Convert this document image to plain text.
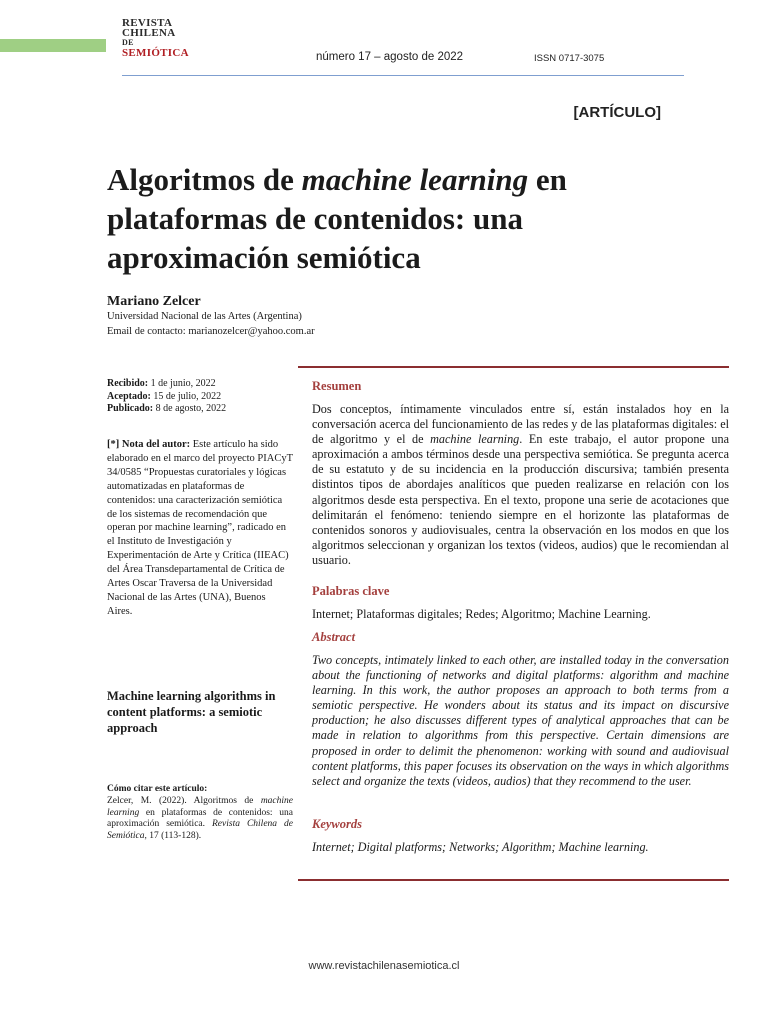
REVISTA
CHILENA
DE
SEMIÓTICA	número 17 – agosto de 2022	ISSN 0717-3075
[ARTÍCULO]
Algoritmos de machine learning en plataformas de contenidos: una aproximación semiótica
Mariano Zelcer
Universidad Nacional de las Artes (Argentina)
Email de contacto: marianozelcer@yahoo.com.ar
Recibido: 1 de junio, 2022
Aceptado: 15 de julio, 2022
Publicado: 8 de agosto, 2022
[*] Nota del autor: Este artículo ha sido elaborado en el marco del proyecto PIACyT 34/0585 “Propuestas curatoriales y lógicas automatizadas en plataformas de contenidos: una caracterización semiótica de los sistemas de recomendación que operan por machine learning”, radicado en el Instituto de Investigación y Experimentación de Arte y Crítica (IIEAC) del Área Transdepartamental de Crítica de Artes Oscar Traversa de la Universidad Nacional de las Artes (UNA), Buenos Aires.
Machine learning algorithms in content platforms: a semiotic approach
Cómo citar este artículo:
Zelcer, M. (2022). Algoritmos de machine learning en plataformas de contenidos: una aproximación semiótica. Revista Chilena de Semiótica, 17 (113-128).
Resumen
Dos conceptos, íntimamente vinculados entre sí, están instalados hoy en la conversación acerca del funcionamiento de las redes y de las plataformas digitales: el de algoritmo y el de machine learning. En este trabajo, el autor propone una aproximación a ambos términos desde una perspectiva semiótica. Se pregunta acerca de su estatuto y de su incidencia en la producción discursiva; también presenta distintos tipos de abordajes analíticos que pueden realizarse en relación con los algoritmos desde esta perspectiva. En el texto, propone una serie de acotaciones que delimitarán el fenómeno: teniendo siempre en el horizonte las plataformas de contenidos sonoros y audiovisuales, centra la observación en los modos en que los algoritmos seleccionan y organizan los textos (videos, audios) que le recomiendan al usuario.
Palabras clave
Internet; Plataformas digitales; Redes; Algoritmo; Machine Learning.
Abstract
Two concepts, intimately linked to each other, are installed today in the conversation about the functioning of networks and digital platforms: algorithm and machine learning. In this work, the author proposes an approach to both terms from a semiotic perspective. He wonders about its status and its impact on discursive production; he also discusses different types of analytical approaches that can be made in relation to algorithms from this perspective. Certain dimensions are proposed in order to delimit the phenomenon: working with sound and audiovisual content platforms, this paper focuses its observation on the ways in which algorithms select and organize the texts (videos, audios) that they recommend to the user.
Keywords
Internet; Digital platforms; Networks; Algorithm; Machine learning.
www.revistachilenasemiotica.cl
